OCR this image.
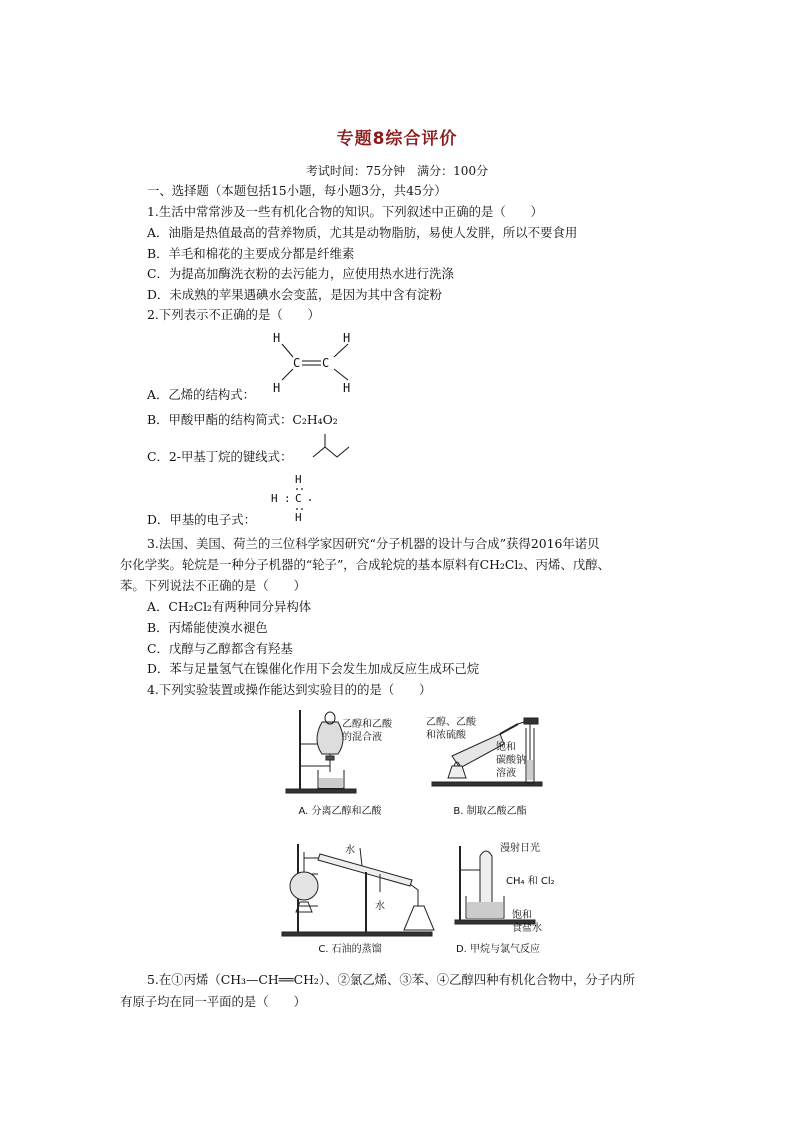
专题8综合评价
考试时间：75分钟　满分：100分
一、选择题（本题包括15小题，每小题3分，共45分）
1.生活中常常涉及一些有机化合物的知识。下列叙述中正确的是（　　）
A．油脂是热值最高的营养物质，尤其是动物脂肪，易使人发胖，所以不要食用
B．羊毛和棉花的主要成分都是纤维素
C．为提高加酶洗衣粉的去污能力，应使用热水进行洗涤
D．未成熟的苹果遇碘水会变蓝，是因为其中含有淀粉
2.下列表示不正确的是（　　）
H	H
C C
H	H
A．乙烯的结构式：
B．甲酸甲酯的结构简式：C₂H₄O₂
C．2-甲基丁烷的键线式：
H
H : C
H
D．甲基的电子式：
3.法国、美国、荷兰的三位科学家因研究“分子机器的设计与合成”获得2016年诺贝
尔化学奖。轮烷是一种分子机器的“轮子”，合成轮烷的基本原料有CH₂Cl₂、丙烯、戊醇、
苯。下列说法不正确的是（　　）
A．CH₂Cl₂有两种同分异构体
B．丙烯能使溴水褪色
C．戊醇与乙醇都含有羟基
D．苯与足量氢气在镍催化作用下会发生加成反应生成环己烷
4.下列实验装置或操作能达到实验目的的是（　　）
乙醇和乙酸
的混合液
A. 分离乙醇和乙酸
乙醇、乙酸
和浓硫酸
饱和
碳酸钠
溶液
B. 制取乙酸乙酯
水
水
C. 石油的蒸馏
漫射日光
CH₄ 和 Cl₂
饱和
食盐水
D. 甲烷与氯气反应
5.在①丙烯（CH₃—CH══CH₂）、②氯乙烯、③苯、④乙醇四种有机化合物中，分子内所
有原子均在同一平面的是（　　）
